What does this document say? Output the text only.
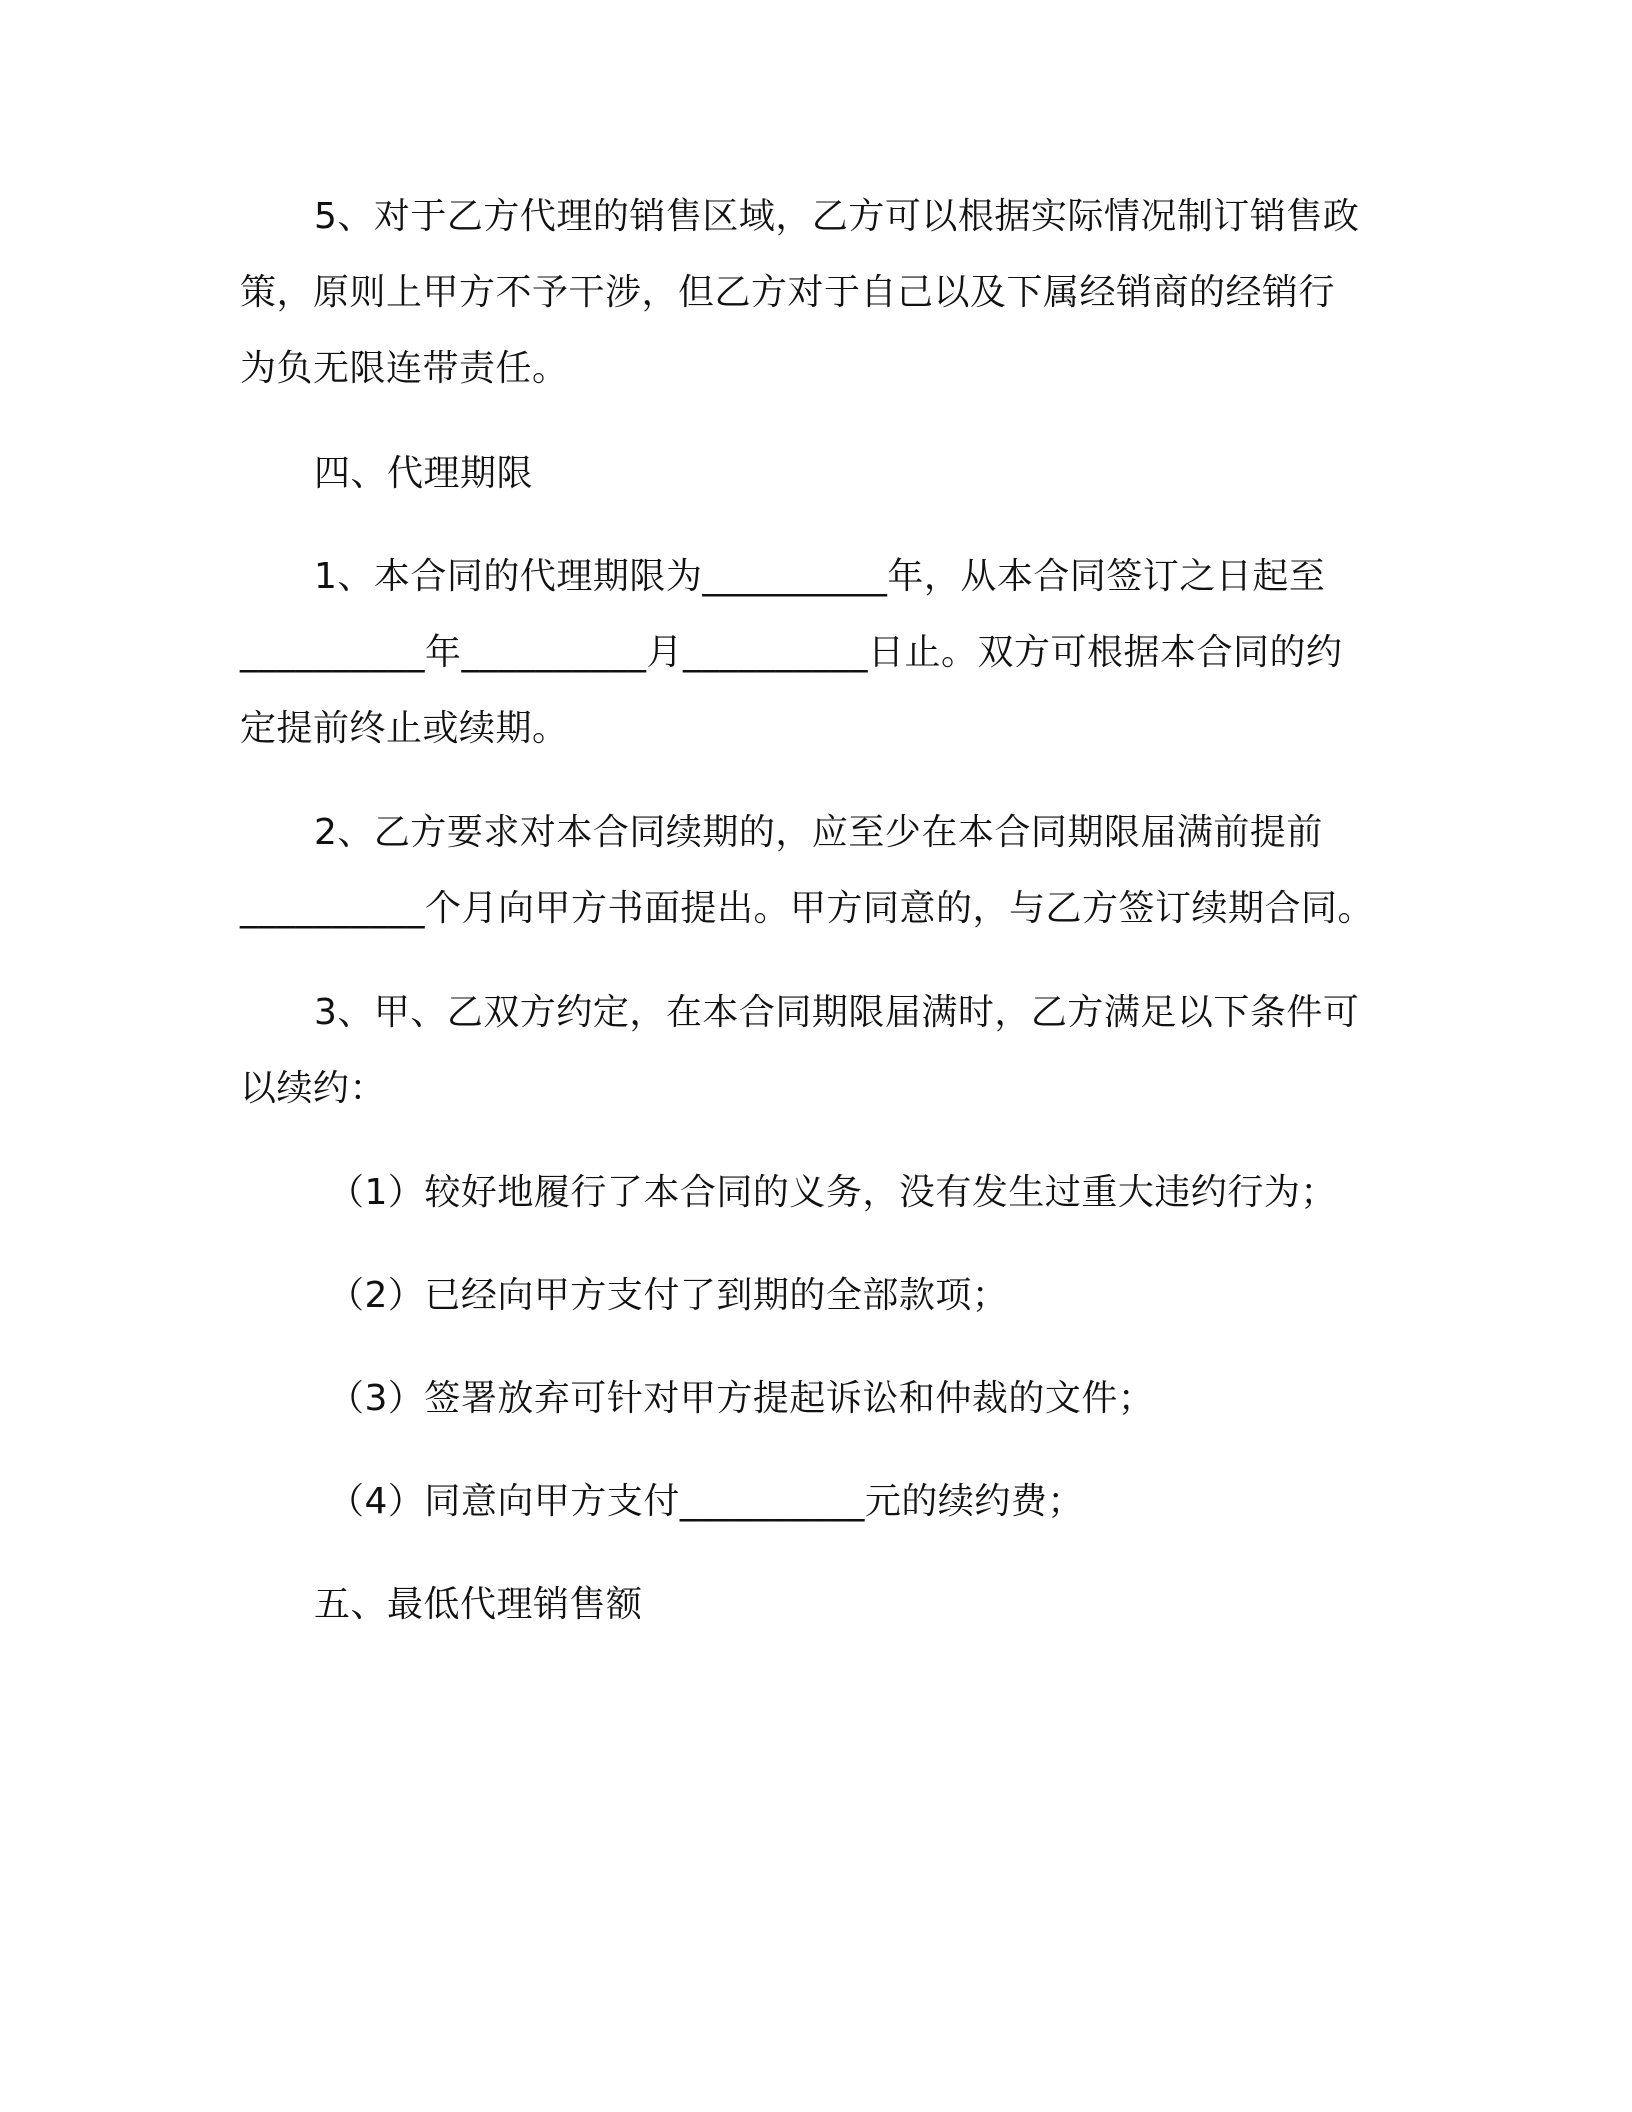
5、对于乙方代理的销售区域，乙方可以根据实际情况制订销售政
策，原则上甲方不予干涉，但乙方对于自己以及下属经销商的经销行
为负无限连带责任。
四、代理期限
1、本合同的代理期限为__________年，从本合同签订之日起至
__________年__________月__________日止。双方可根据本合同的约
定提前终止或续期。
2、乙方要求对本合同续期的，应至少在本合同期限届满前提前
__________个月向甲方书面提出。甲方同意的，与乙方签订续期合同。
3、甲、乙双方约定，在本合同期限届满时，乙方满足以下条件可
以续约：
（1）较好地履行了本合同的义务，没有发生过重大违约行为；
（2）已经向甲方支付了到期的全部款项；
（3）签署放弃可针对甲方提起诉讼和仲裁的文件；
（4）同意向甲方支付__________元的续约费；
五、最低代理销售额
